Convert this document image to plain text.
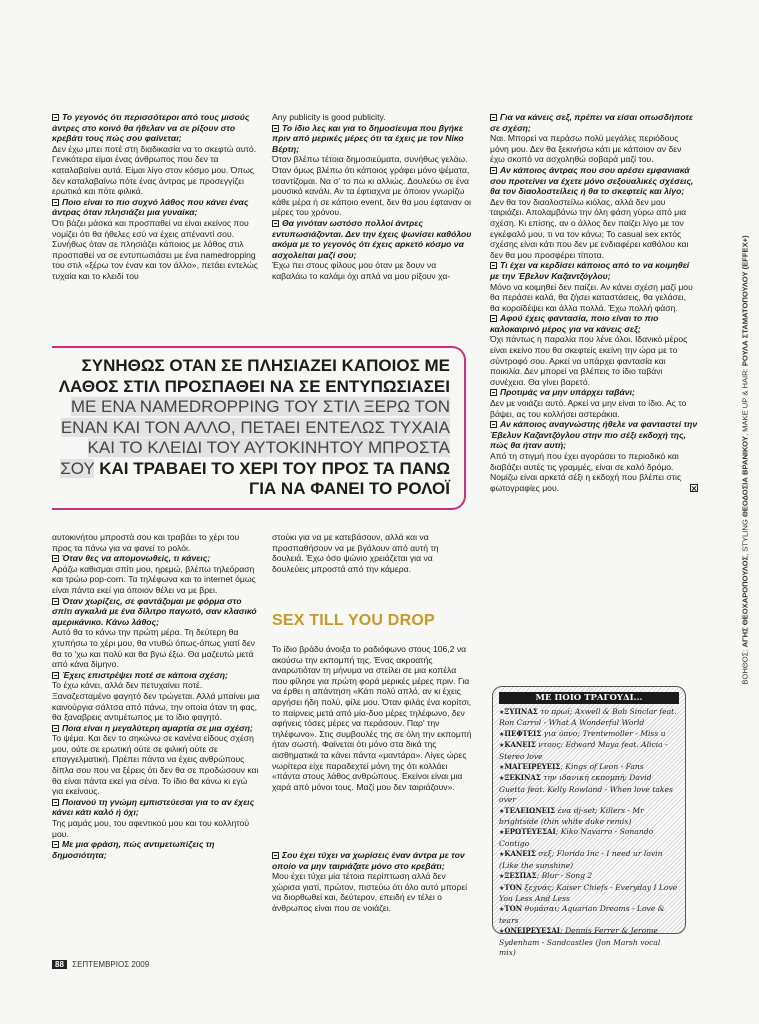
Το γεγονός ότι περισσότεροι από τους μισούς άντρες στο κοινό θα ήθελαν να σε ρίξουν στο κρεβάτι τους πώς σου φαίνεται;

Δεν έχω μπει ποτέ στη διαδικασία να το σκεφτώ αυτό. Γενικότερα είμαι ένας άνθρωπος που δεν τα καταλαβαίνει αυτά. Είμαι λίγο στον κόσμο μου. Όπως δεν καταλαβαίνω πότε ένας άντρας με προσεγγίζει ερωτικά και πότε φιλικά.

Ποιο είναι το πιο συχνό λάθος που κάνει ένας άντρας όταν πλησιάζει μια γυναίκα;

Ότι βάζει μάσκα και προσπαθεί να είναι εκείνος που νομίζει ότι θα ήθελες εσύ να έχεις απέναντί σου. Συνήθως όταν σε πλησιάζει κάποιος με λάθος στιλ προσπαθεί να σε εντυπωσιάσει με ένα namedropping του στιλ «ξέρω τον έναν και τον άλλο», πετάει εντελώς τυχαία και το κλειδί του

Any publicity is good publicity.

Το ίδιο λες και για το δημοσίευμα που βγήκε πριν από μερικές μέρες ότι τα έχεις με τον Νίκο Βέρτη;

Όταν βλέπω τέτοια δημοσιεύματα, συνήθως γελάω. Όταν όμως βλέπω ότι κάποιος γράφει μόνο ψέματα, τσαντίζομαι. Να σ' το πω κι αλλιώς. Δουλεύω σε ένα μουσικό κανάλι. Αν τα έφτιαχνα με όποιον γνωρίζω κάθε μέρα ή σε κάποιο event, δεν θα μου έφταναν οι μέρες του χρόνου.

Θα γινόταν ωστόσο πολλοί άντρες εντυπωσιάζονται. Δεν την έχεις ψωνίσει καθόλου ακόμα με το γεγονός ότι έχεις αρκετό κόσμο να ασχολείται μαζί σου;

Έχω πει στους φίλους μου όταν με δουν να καβαλάω το καλάμι όχι απλά να μου ρίξουν χα-

Για να κάνεις σεξ, πρέπει να είσαι οπωσδήποτε σε σχέση;

Ναι. Μπορεί να περάσω πολύ μεγάλες περιόδους μόνη μου. Δεν θα ξεκινήσω κάτι με κάποιον αν δεν έχω σκοπό να ασχοληθώ σοβαρά μαζί του.

Αν κάποιος άντρας που σου αρέσει εμφανιακά σου προτείνει να έχετε μόνο σεξουαλικές σχέσεις, θα τον διαολοστείλεις ή θα το σκεφτείς και λίγο;

Δεν θα τον διαολοστείλω κιόλας, αλλά δεν μου ταιριάζει. Απολαμβάνω την όλη φάση γύρω από μια σχέση. Κι επίσης, αν ο άλλος δεν παίζει λίγο με τον εγκέφαλό μου, τι να τον κάνω; Το casual sex εκτός σχέσης είναι κάτι που δεν με ενδιαφέρει καθόλου και δεν θα μου προσφέρει τίποτα.

Τι έχει να κερδίσει κάποιος από το να κοιμηθεί με την Έβελυν Καζαντζόγλου;

Μόνο να κοιμηθεί δεν παίζει. Αν κάνει σχέση μαζί μου θα περάσει καλά, θα ζήσει καταστάσεις, θα γελάσει, θα κοροϊδέψει και άλλα πολλά. Έχω πολλή φάση.

Αφού έχεις φαντασία, ποιο είναι το πιο καλοκαιρινό μέρος για να κάνεις σεξ;

Όχι πάντως η παραλία που λένε όλοι. Ιδανικό μέρος είναι εκείνο που θα σκεφτείς εκείνη την ώρα με το σύντροφό σου. Αρκεί να υπάρχει φαντασία και ποικιλία. Δεν μπορεί να βλέπεις το ίδιο ταβάνι συνέχεια. Θα γίνει βαρετό.

Προτιμάς να μην υπάρχει ταβάνι;

Δεν με νοιάζει αυτό. Αρκεί να μην είναι το ίδιο. Ας το βάψει, ας του κολλήσει αστεράκια.

Αν κάποιος αναγνώστης ήθελε να φανταστεί την Έβελυν Καζαντζόγλου στην πιο σέξι εκδοχή της, πώς θα ήταν αυτή;

Από τη στιγμή που έχει αγοράσει το περιοδικό και διαβάζει αυτές τις γραμμές, είναι σε καλό δρόμο. Νομίζω είναι αρκετά σέξι η εκδοχή που βλέπει στις φωτογραφίες μου.

ΣΥΝΗΘΩΣ ΟΤΑΝ ΣΕ ΠΛΗΣΙΑΖΕΙ ΚΑΠΟΙΟΣ ΜΕ ΛΑΘΟΣ ΣΤΙΛ ΠΡΟΣΠΑΘΕΙ ΝΑ ΣΕ ΕΝΤΥΠΩΣΙΑΣΕΙ ΜΕ ΕΝΑ NAMEDROPPING ΤΟΥ ΣΤΙΛ ΞΕΡΩ ΤΟΝ ΕΝΑΝ ΚΑΙ ΤΟΝ ΑΛΛΟ, ΠΕΤΑΕΙ ΕΝΤΕΛΩΣ ΤΥΧΑΙΑ ΚΑΙ ΤΟ ΚΛΕΙΔΙ ΤΟΥ ΑΥΤΟΚΙΝΗΤΟΥ ΜΠΡΟΣΤΑ ΣΟΥ ΚΑΙ ΤΡΑΒΑΕΙ ΤΟ ΧΕΡΙ ΤΟΥ ΠΡΟΣ ΤΑ ΠΑΝΩ ΓΙΑ ΝΑ ΦΑΝΕΙ ΤΟ ΡΟΛΟΪ

αυτοκινήτου μπροστά σου και τραβάει το χέρι του προς τα πάνω για να φανεί το ρολόι.

Όταν θες να απομονωθείς, τι κάνεις;

Αράζω καθισμαι σπίτι μου, ηρεμώ, βλέπω τηλεόραση και τρώω pop-corn. Τα τηλέφωνα και το internet όμως είναι πάντα εκεί για όποιον θέλει να με βρει.

Όταν χωρίζεις, σε φαντάζομαι με φόρμα στο σπίτι αγκαλιά με ένα δίλιτρο παγωτό, σαν κλασικό αμερικάνικο. Κάνω λάθος;

Αυτό θα το κάνω την πρώτη μέρα. Τη δεύτερη θα χτυπήσω το χέρι μου, θα ντυθώ όπως-όπως γιατί δεν θα το 'χω και πολύ και θα βγω έξω. Θα μαζευτώ μετά από κάνα δίμηνο.

Έχεις επιστρέψει ποτέ σε κάποια σχέση;

Το έχω κάνει, αλλά δεν πετυχαίνει ποτέ. Ξαναζεσταμένο φαγητό δεν τρώγεται. Αλλά μπαίνει μια καινούργια σάλτσα από πάνω, την οποία όταν τη φας, θα ξαναβρεις αντιμέτωπος με το ίδιο φαγητό.

Ποια είναι η μεγαλύτερη αμαρτία σε μια σχέση;

Το ψέμα. Και δεν το σηκώνω σε κανένα είδους σχέση μου, ούτε σε ερωτική ούτε σε φιλική ούτε σε επαγγελματική. Πρέπει πάντα να έχεις ανθρώπους δίπλα σου που να ξέρεις ότι δεν θα σε προδώσουν και θα είναι πάντα εκεί για σένα. Το ίδιο θα κάνω κι εγώ για εκείνους.

Ποιανού τη γνώμη εμπιστεύεσαι για το αν έχεις κάνει κάτι καλό ή όχι;

Της μαμάς μου, του αφεντικού μου και του κολλητού μου.

Με μια φράση, πώς αντιμετωπίζεις τη δημοσιότητα;

στούκι για να με κατεβάσουν, αλλά και να προσπαθήσουν να με βγάλουν από αυτή τη δουλειά. Έχω όσο ψώνιο χρειάζεται για να δουλεύεις μπροστά από την κάμερα.

SEX TILL YOU DROP

Το ίδιο βράδυ άνοιξα το ραδιόφωνο στους 106,2 να ακούσω την εκπομπή της. Ένας ακροατής αναρωτιόταν τη μήνυμα να στείλει σε μια κοπέλα που φίλησε για πρώτη φορά μερικές μέρες πριν. Για να έρθει η απάντηση «Κάτι πολύ απλό, αν κι έχεις αργήσει ήδη πολύ, φίλε μου. Όταν φιλάς ένα κορίτσι, το παίρνεις μετά από μία-δυο μέρες τηλέφωνο, δεν αφήνεις τόσες μέρες να περάσουν. Παρ' την τηλέφωνο». Στις συμβουλές της σε όλη την εκπομπή ήταν σωστή. Φαίνεται ότι μόνο στα δικά της αισθηματικά τα κάνει πάντα «μαντάρα». Λίγες ώρες νωρίτερα είχε παραδεχτεί μόνη της ότι κολλάει «πάντα στους λάθος ανθρώπους. Εκείνοι είναι μια χαρά από μόνοι τους. Μαζί μου δεν ταιριάζουν».

Σου έχει τύχει να χωρίσεις έναν άντρα με τον οποίο να μην ταιριάζατε μόνο στο κρεβάτι;

Μου έχει τύχει μία τέτοια περίπτωση αλλά δεν χώρισα γιατί, πρώτον, πιστεύω ότι όλο αυτό μπορεί να διορθωθεί και, δεύτερον, επειδή εν τέλει ο άνθρωπος είναι που σε νοιάζει.

ΜΕ ΠΟΙΟ ΤΡΑΓΟΥΔΙ...

★ΞΥΠΝΑΣ το πρωί; Axwell & Bob Sinclar feat. Ron Carrol - What A Wonderful World

★ΠΕΦΤΕΙΣ για ύπνο; Trentemoller - Miss u

★ΚΑΝΕΙΣ ντους; Edward Maya feat. Alicia - Stereo love

★ΜΑΓΕΙΡΕΥΕΙΣ; Kings of Leon - Fans

★ΞΕΚΙΝΑΣ την ιδανική εκπομπή; David Guetta feat. Kelly Rowland - When love takes over

★ΤΕΛΕΙΩΝΕΙΣ ένα dj-set; Killers - Mr brightside (thin white duke remix)

★ΕΡΩΤΕΥΕΣΑΙ; Kiko Navarro - Sonando Contigo

★ΚΑΝΕΙΣ σεξ; Florida Inc - I need ur lovin (Like the sunshine)

★ΞΕΣΠΑΣ; Blur - Song 2

★ΤΟΝ ξεχνάς; Kaiser Chiefs - Everyday I Love You Less And Less

★ΤΟΝ θυμάσαι; Aquarian Dreams - Love & tears

★ΟΝΕΙΡΕΥΕΣΑΙ; Dennis Ferrer & Jerome Sydenham - Sandcastles (Jon Marsh vocal mix)

88 ΣΕΠΤΕΜΒΡΙΟΣ 2009
ΒΟΗΘΟΣ: ΑΓΗΣ ΘΕΟΧΑΡΟΠΟΥΛΟΣ, STYLING ΘΕΟΔΟΣΙΑ ΒΡΑΝΙΚΟΥ, MAKE UP & HAIR: ΡΟΥΛΑ ΣΤΑΜΑΤΟΠΟΥΛΟΥ (EFFEX+)
